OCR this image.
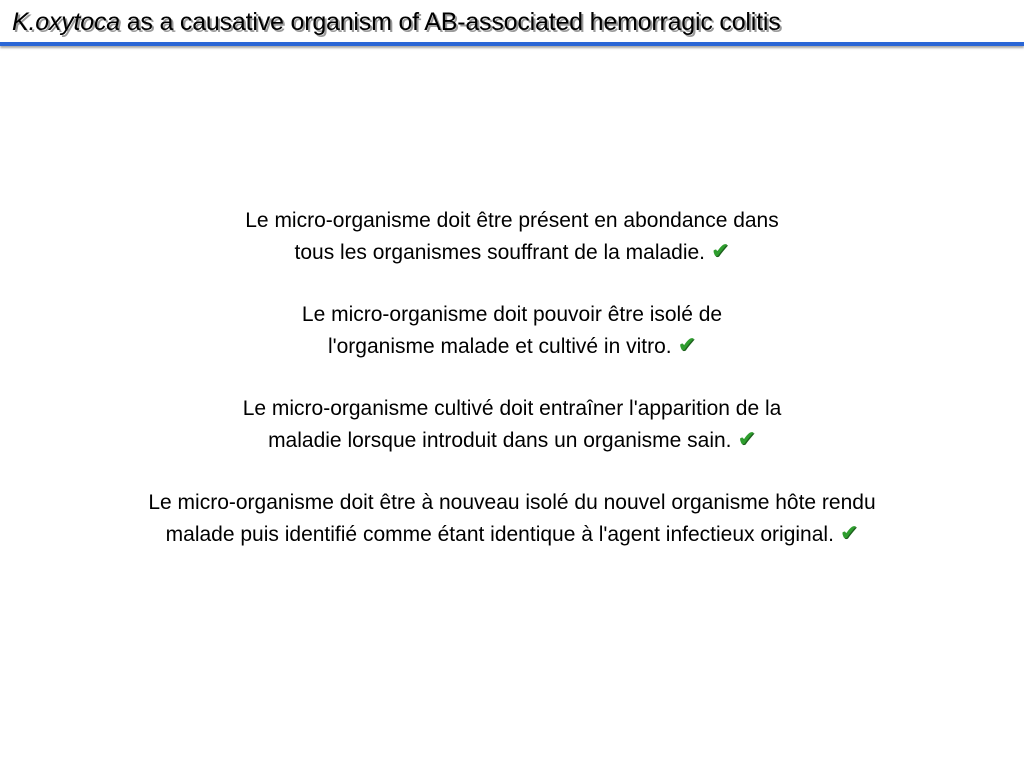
K.oxytoca as a causative organism of AB-associated hemorragic colitis

Le micro-organisme doit être présent en abondance dans
tous les organismes souffrant de la maladie. ✔

Le micro-organisme doit pouvoir être isolé de
l'organisme malade et cultivé in vitro. ✔

Le micro-organisme cultivé doit entraîner l'apparition de la
maladie lorsque introduit dans un organisme sain. ✔

Le micro-organisme doit être à nouveau isolé du nouvel organisme hôte rendu
malade puis identifié comme étant identique à l'agent infectieux original. ✔
